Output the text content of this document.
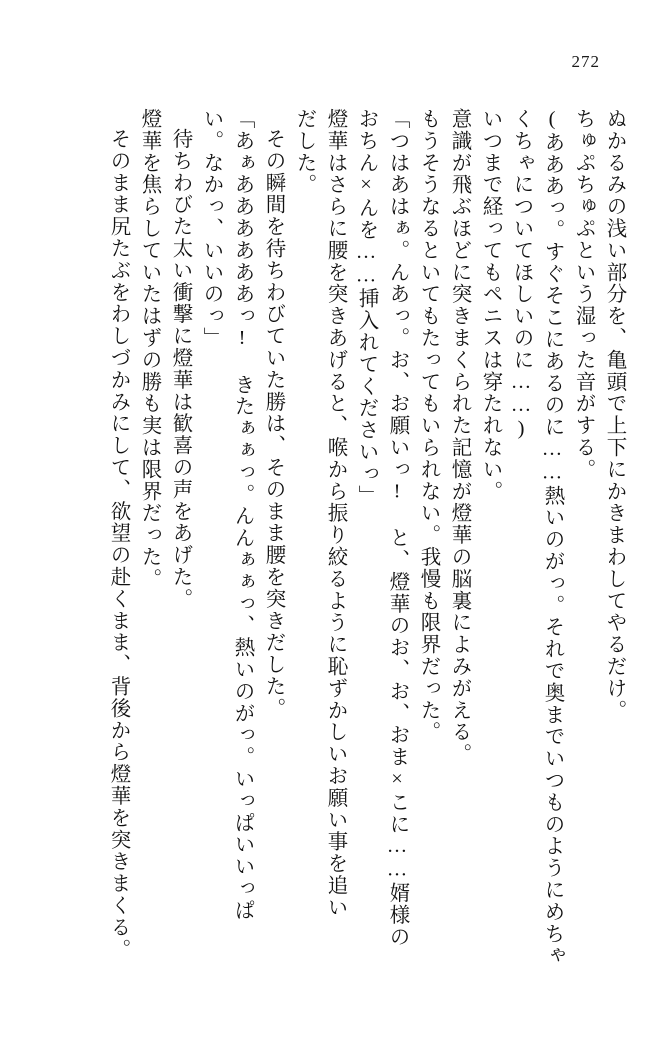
272
ぬかるみの浅い部分を、亀頭で上下にかきまわしてやるだけ。
ちゅぷちゅぷという湿った音がする。
(あああっ。すぐそこにあるのに……熱いのがっ。それで奥までいつものようにめちゃ
くちゃについてほしいのに……)
いつまで経ってもペニスは穿たれない。
意識が飛ぶほどに突きまくられた記憶が燈華の脳裏によみがえる。
もうそうなるといてもたってもいられない。我慢も限界だった。
「つはあはぁ。んあっ。お、お願いっ! と、燈華のお、お、おま×こに……婿様の
おちん×んを……挿入れてくださいっ」
燈華はさらに腰を突きあげると、喉から振り絞るように恥ずかしいお願い事を追い
だした。
その瞬間を待ちわびていた勝は、そのまま腰を突きだした。
「あぁああああああっ! きたぁぁっ。んんぁぁっ、熱いのがっ。いっぱいいっぱ
い。なかっ、いいのっ」
待ちわびた太い衝撃に燈華は歓喜の声をあげた。
燈華を焦らしていたはずの勝も実は限界だった。
そのまま尻たぶをわしづかみにして、欲望の赴くまま、背後から燈華を突きまくる。
